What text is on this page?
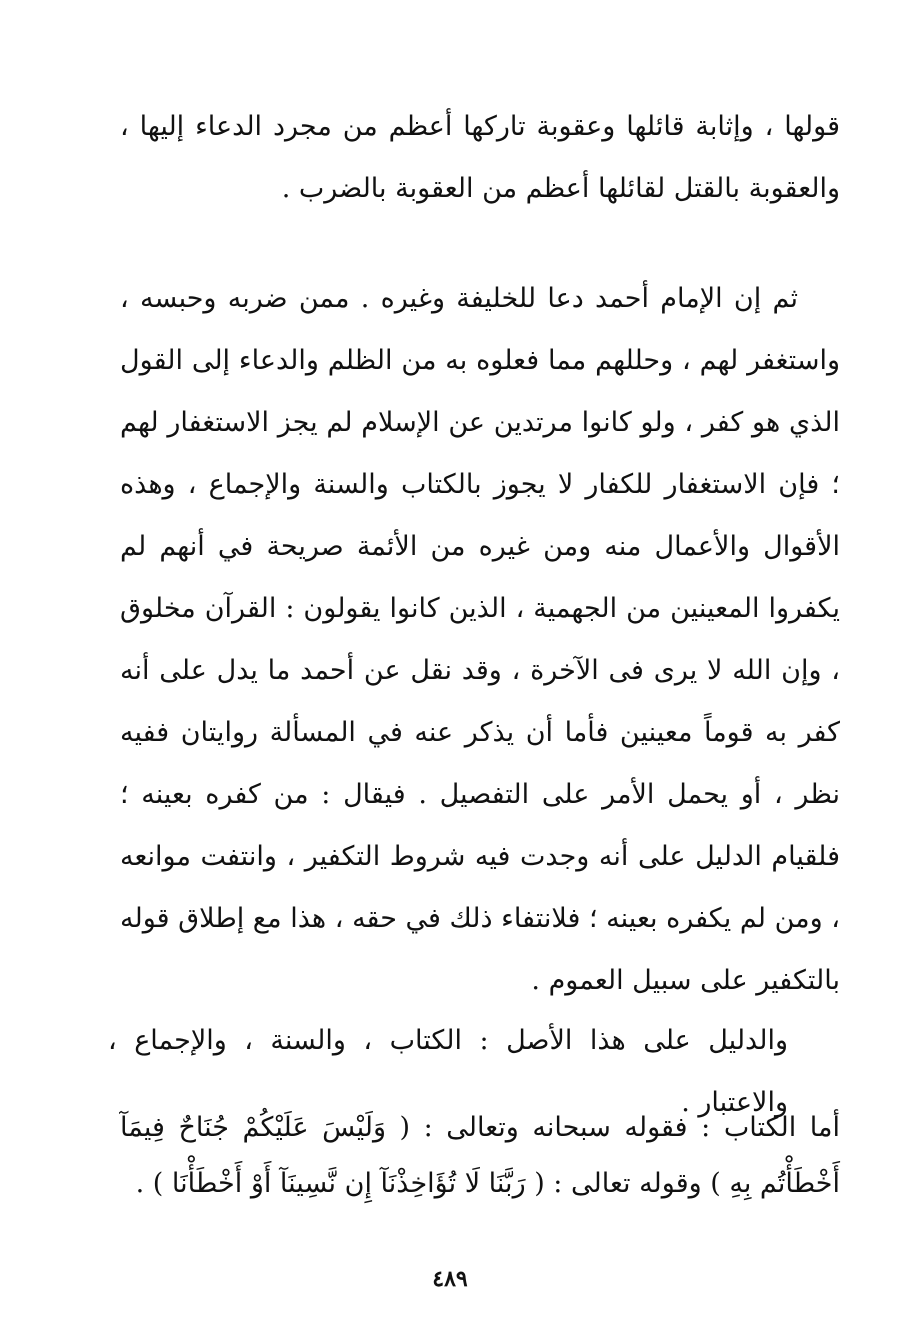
قولها ، وإثابة قائلها وعقوبة تاركها أعظم من مجرد الدعاء إليها ، والعقوبة بالقتل لقائلها أعظم من العقوبة بالضرب .

ثم إن الإمام أحمد دعا للخليفة وغيره . ممن ضربه وحبسه ، واستغفر لهم ، وحللهم مما فعلوه به من الظلم والدعاء إلى القول الذي هو كفر ، ولو كانوا مرتدين عن الإسلام لم يجز الاستغفار لهم ؛ فإن الاستغفار للكفار لا يجوز بالكتاب والسنة والإجماع ، وهذه الأقوال والأعمال منه ومن غيره من الأئمة صريحة في أنهم لم يكفروا المعينين من الجهمية ، الذين كانوا يقولون : القرآن مخلوق ، وإن الله لا يرى فى الآخرة ، وقد نقل عن أحمد ما يدل على أنه كفر به قوماً معينين فأما أن يذكر عنه في المسألة روايتان ففيه نظر ، أو يحمل الأمر على التفصيل . فيقال : من كفره بعينه ؛ فلقيام الدليل على أنه وجدت فيه شروط التكفير ، وانتفت موانعه ، ومن لم يكفره بعينه ؛ فلانتفاء ذلك في حقه ، هذا مع إطلاق قوله بالتكفير على سبيل العموم .

والدليل على هذا الأصل : الكتاب ، والسنة ، والإجماع ، والاعتبار .

أما الكتاب : فقوله سبحانه وتعالى : ( وَلَيْسَ عَلَيْكُمْ جُنَاحٌ فِيمَآ أَخْطَأْتُم بِهِ ) وقوله تعالى : ( رَبَّنَا لَا تُؤَاخِذْنَآ إِن نَّسِينَآ أَوْ أَخْطَأْنَا ) .

٤٨٩
